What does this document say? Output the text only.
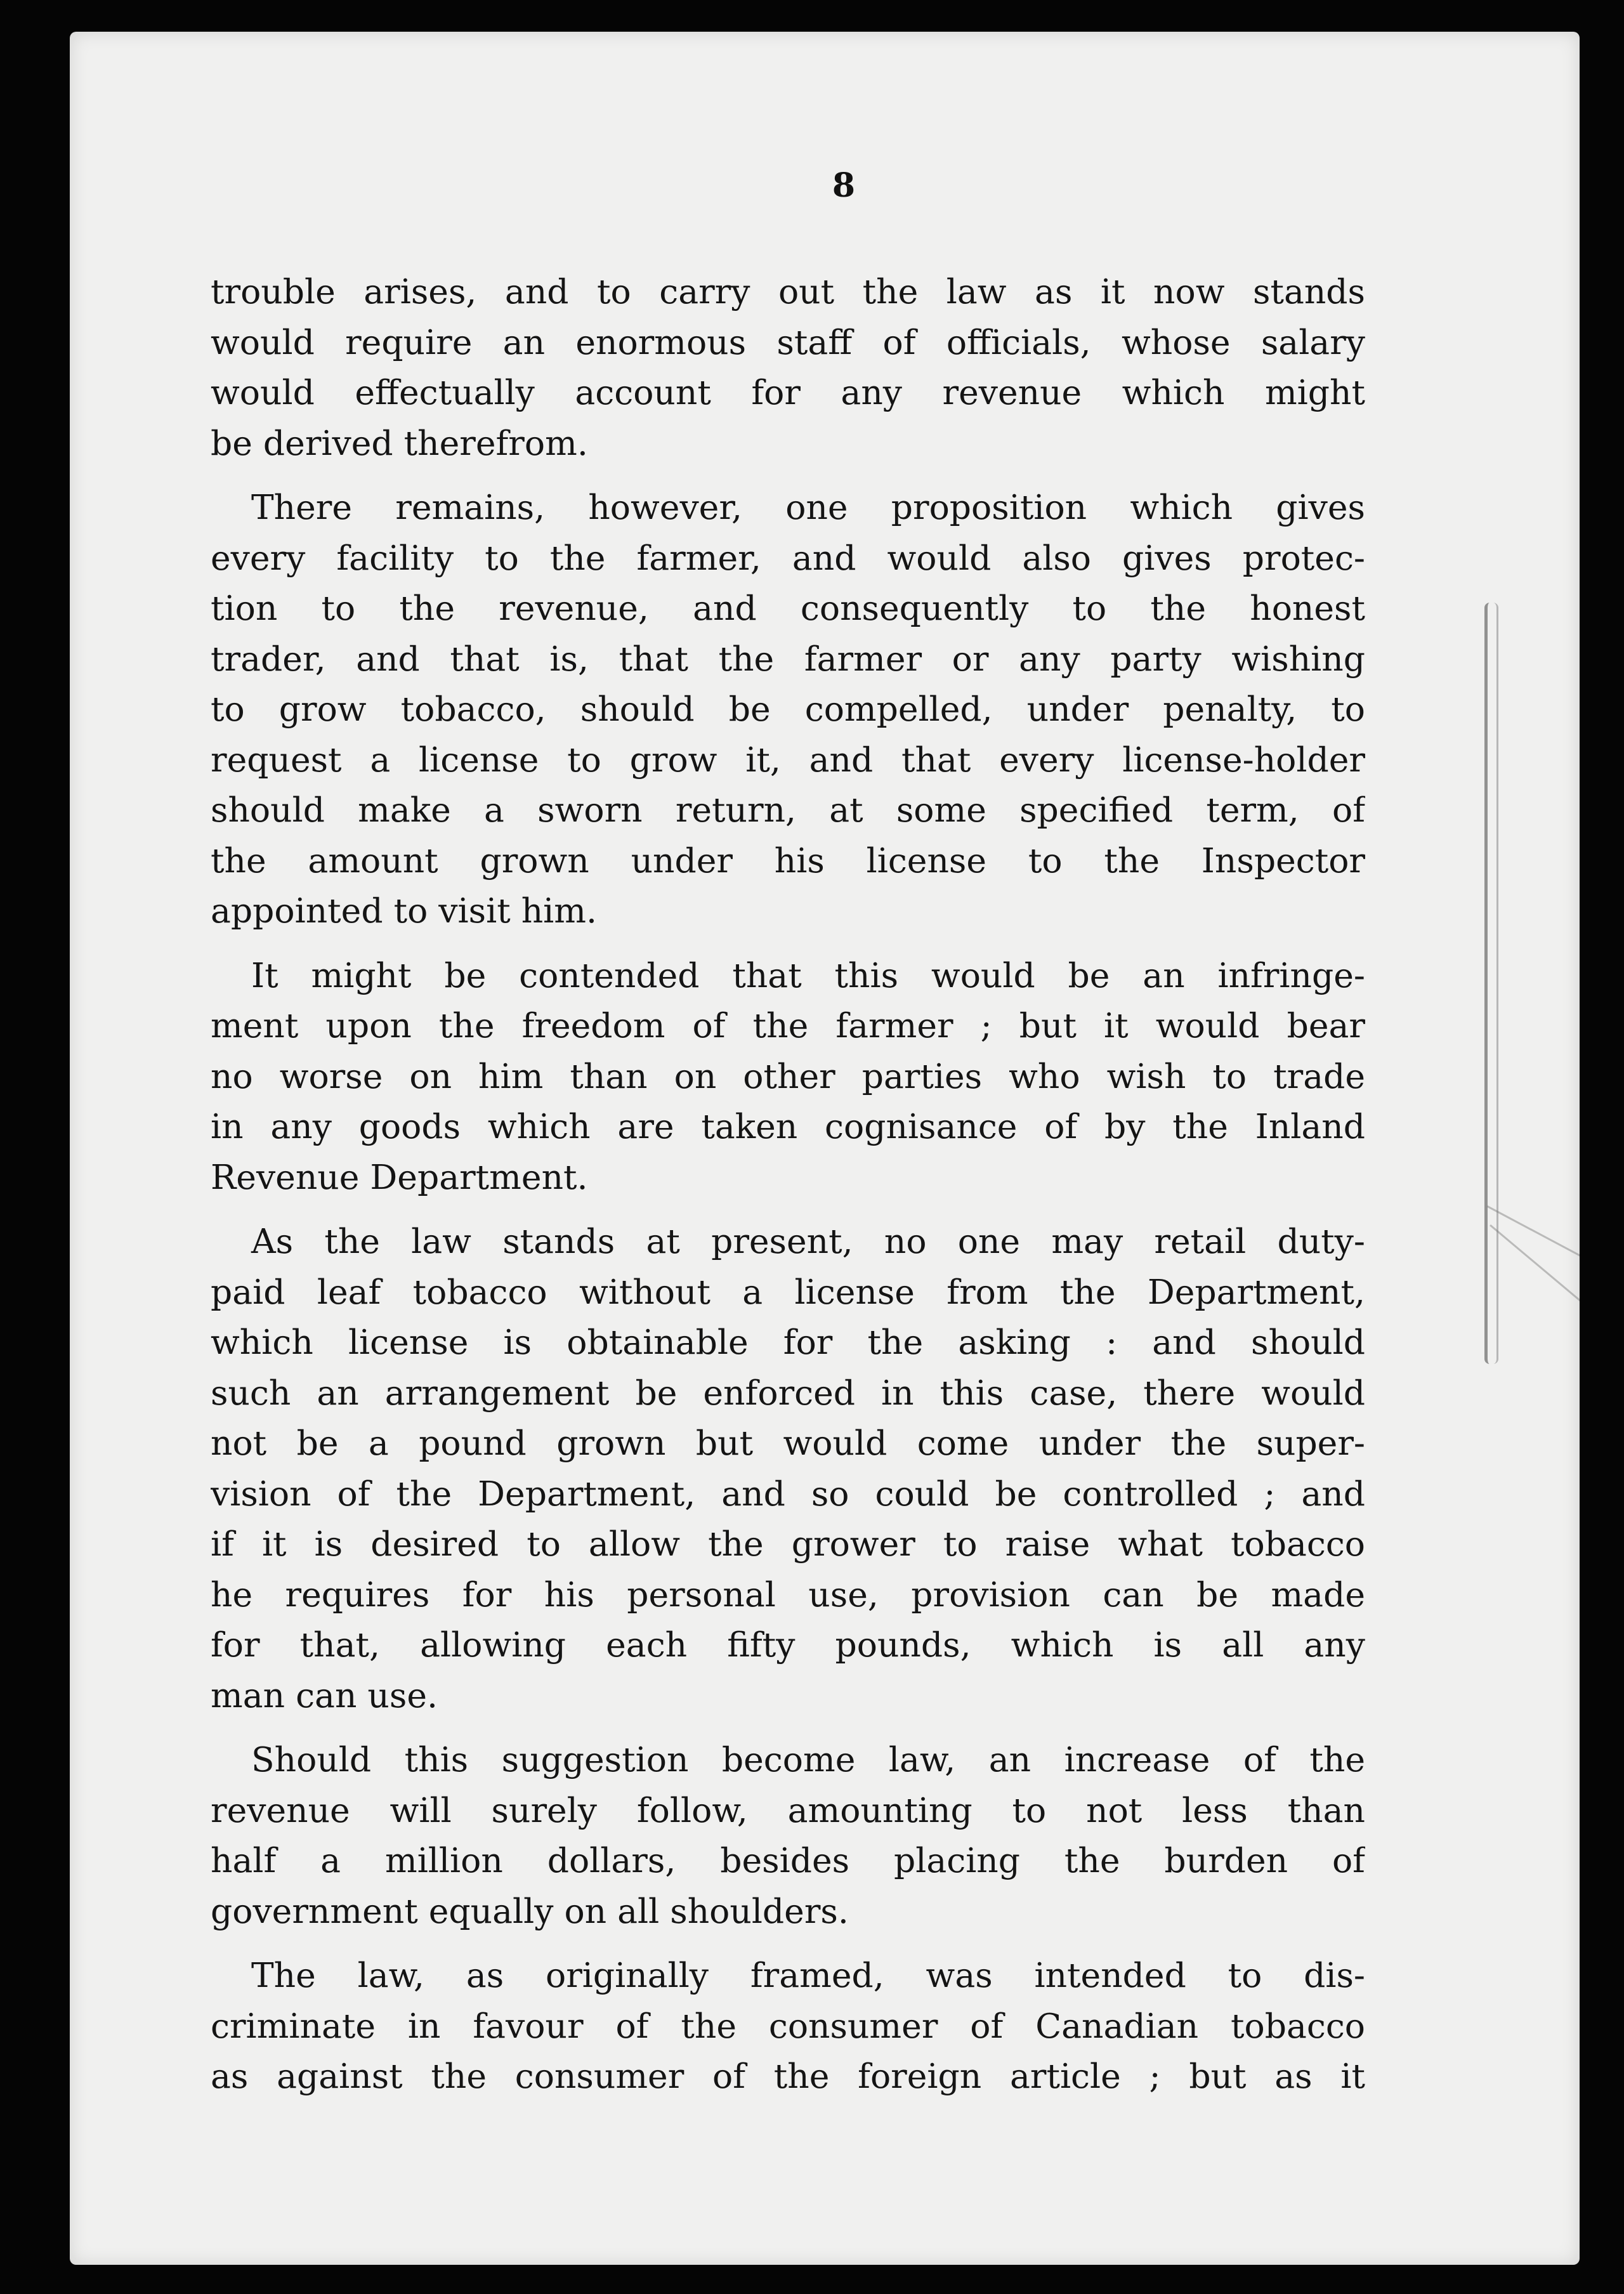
8
trouble arises, and to carry out the law as it now stands
would require an enormous staff of officials, whose salary
would effectually account for any revenue which might
be derived therefrom.
There remains, however, one proposition which gives
every facility to the farmer, and would also gives protec-
tion to the revenue, and consequently to the honest
trader, and that is, that the farmer or any party wishing
to grow tobacco, should be compelled, under penalty, to
request a license to grow it, and that every license-holder
should make a sworn return, at some specified term, of
the amount grown under his license to the Inspector
appointed to visit him.
It might be contended that this would be an infringe-
ment upon the freedom of the farmer ; but it would bear
no worse on him than on other parties who wish to trade
in any goods which are taken cognisance of by the Inland
Revenue Department.
As the law stands at present, no one may retail duty-
paid leaf tobacco without a license from the Department,
which license is obtainable for the asking : and should
such an arrangement be enforced in this case, there would
not be a pound grown but would come under the super-
vision of the Department, and so could be controlled ; and
if it is desired to allow the grower to raise what tobacco
he requires for his personal use, provision can be made
for that, allowing each fifty pounds, which is all any
man can use.
Should this suggestion become law, an increase of the
revenue will surely follow, amounting to not less than
half a million dollars, besides placing the burden of
government equally on all shoulders.
The law, as originally framed, was intended to dis-
criminate in favour of the consumer of Canadian tobacco
as against the consumer of the foreign article ; but as it
